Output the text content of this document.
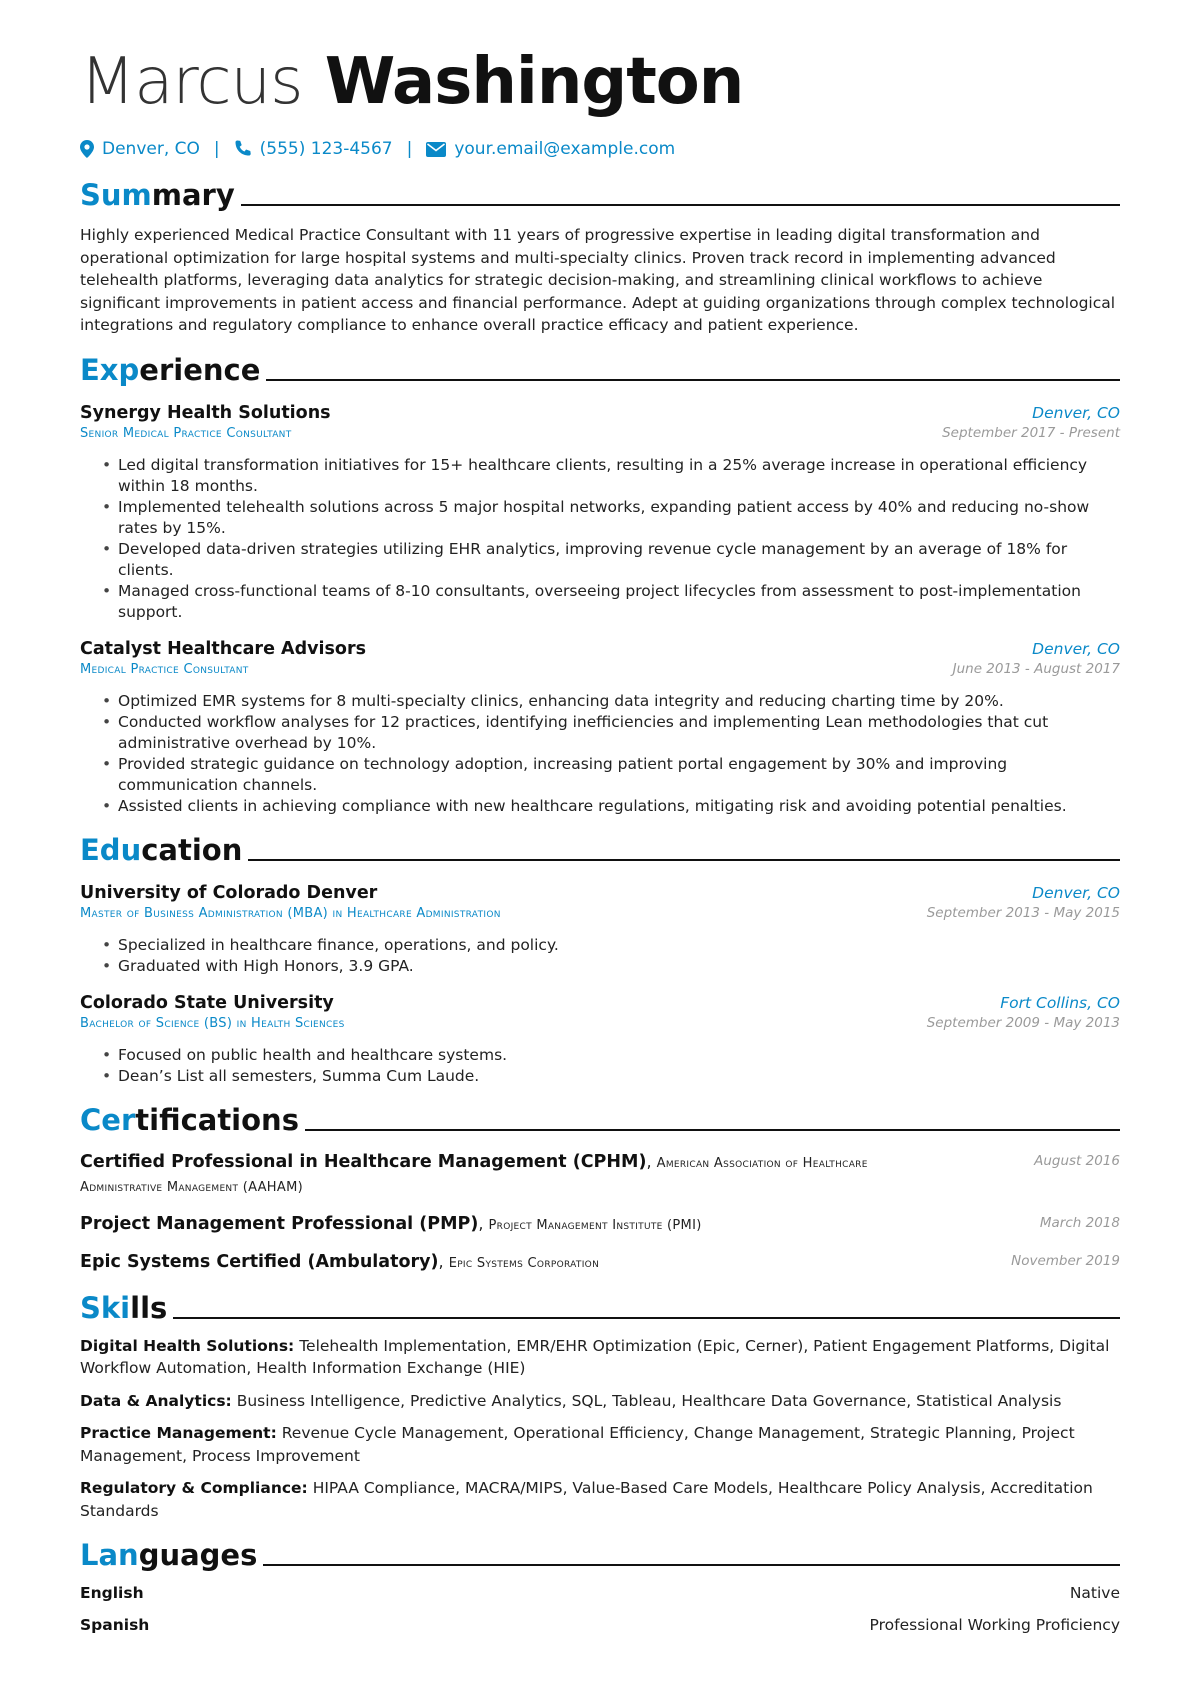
Marcus Washington
Denver, CO | (555) 123-4567 | your.email@example.com
Summary

Highly experienced Medical Practice Consultant with 11 years of progressive expertise in leading digital transformation and operational optimization for large hospital systems and multi-specialty clinics. Proven track record in implementing advanced telehealth platforms, leveraging data analytics for strategic decision-making, and streamlining clinical workflows to achieve significant improvements in patient access and financial performance. Adept at guiding organizations through complex technological integrations and regulatory compliance to enhance overall practice efficacy and patient experience.

Experience
Synergy Health Solutions	Denver, CO
Senior Medical Practice Consultant	September 2017 - Present
• Led digital transformation initiatives for 15+ healthcare clients, resulting in a 25% average increase in operational efficiency within 18 months.
• Implemented telehealth solutions across 5 major hospital networks, expanding patient access by 40% and reducing no-show rates by 15%.
• Developed data-driven strategies utilizing EHR analytics, improving revenue cycle management by an average of 18% for clients.
• Managed cross-functional teams of 8-10 consultants, overseeing project lifecycles from assessment to post-implementation support.
Catalyst Healthcare Advisors	Denver, CO
Medical Practice Consultant	June 2013 - August 2017
• Optimized EMR systems for 8 multi-specialty clinics, enhancing data integrity and reducing charting time by 20%.
• Conducted workflow analyses for 12 practices, identifying inefficiencies and implementing Lean methodologies that cut administrative overhead by 10%.
• Provided strategic guidance on technology adoption, increasing patient portal engagement by 30% and improving communication channels.
• Assisted clients in achieving compliance with new healthcare regulations, mitigating risk and avoiding potential penalties.
Education
University of Colorado Denver	Denver, CO
Master of Business Administration (MBA) in Healthcare Administration	September 2013 - May 2015
• Specialized in healthcare finance, operations, and policy.
• Graduated with High Honors, 3.9 GPA.
Colorado State University	Fort Collins, CO
Bachelor of Science (BS) in Health Sciences	September 2009 - May 2013
• Focused on public health and healthcare systems.
• Dean’s List all semesters, Summa Cum Laude.
Certifications
Certified Professional in Healthcare Management (CPHM), American Association of Healthcare Administrative Management (AAHAM)
August 2016
Project Management Professional (PMP), Project Management Institute (PMI)	March 2018
Epic Systems Certified (Ambulatory), Epic Systems Corporation	November 2019
Skills
Digital Health Solutions: Telehealth Implementation, EMR/EHR Optimization (Epic, Cerner), Patient Engagement Platforms, Digital Workflow Automation, Health Information Exchange (HIE)
Data & Analytics: Business Intelligence, Predictive Analytics, SQL, Tableau, Healthcare Data Governance, Statistical Analysis
Practice Management: Revenue Cycle Management, Operational Efficiency, Change Management, Strategic Planning, Project Management, Process Improvement
Regulatory & Compliance: HIPAA Compliance, MACRA/MIPS, Value-Based Care Models, Healthcare Policy Analysis, Accreditation Standards
Languages
English	Native
Spanish	Professional Working Proficiency
